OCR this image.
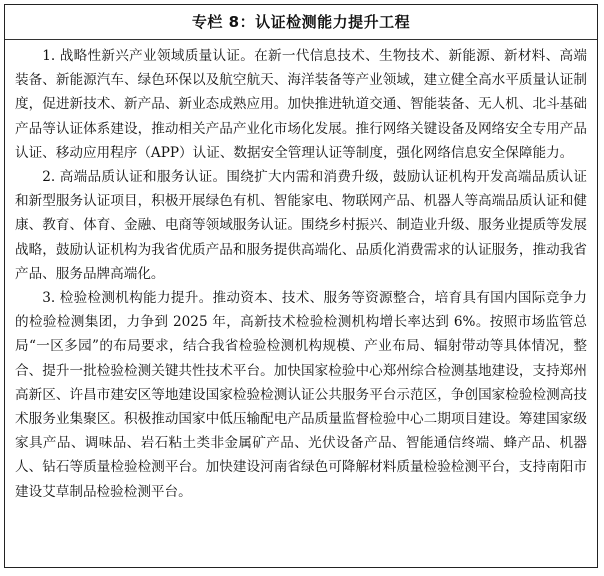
专栏 8：认证检测能力提升工程

1. 战略性新兴产业领域质量认证。在新一代信息技术、生物技术、新能源、新材料、高端装备、新能源汽车、绿色环保以及航空航天、海洋装备等产业领域，建立健全高水平质量认证制度，促进新技术、新产品、新业态成熟应用。加快推进轨道交通、智能装备、无人机、北斗基础产品等认证体系建设，推动相关产品产业化市场化发展。推行网络关键设备及网络安全专用产品认证、移动应用程序（APP）认证、数据安全管理认证等制度，强化网络信息安全保障能力。

2. 高端品质认证和服务认证。围绕扩大内需和消费升级，鼓励认证机构开发高端品质认证和新型服务认证项目，积极开展绿色有机、智能家电、物联网产品、机器人等高端品质认证和健康、教育、体育、金融、电商等领域服务认证。围绕乡村振兴、制造业升级、服务业提质等发展战略，鼓励认证机构为我省优质产品和服务提供高端化、品质化消费需求的认证服务，推动我省产品、服务品牌高端化。

3. 检验检测机构能力提升。推动资本、技术、服务等资源整合，培育具有国内国际竞争力的检验检测集团，力争到 2025 年，高新技术检验检测机构增长率达到 6%。按照市场监管总局“一区多园”的布局要求，结合我省检验检测机构规模、产业布局、辐射带动等具体情况，整合、提升一批检验检测关键共性技术平台。加快国家检验中心郑州综合检测基地建设，支持郑州高新区、许昌市建安区等地建设国家检验检测认证公共服务平台示范区，争创国家检验检测高技术服务业集聚区。积极推动国家中低压输配电产品质量监督检验中心二期项目建设。筹建国家级家具产品、调味品、岩石粘土类非金属矿产品、光伏设备产品、智能通信终端、蜂产品、机器人、钻石等质量检验检测平台。加快建设河南省绿色可降解材料质量检验检测平台，支持南阳市建设艾草制品检验检测平台。
